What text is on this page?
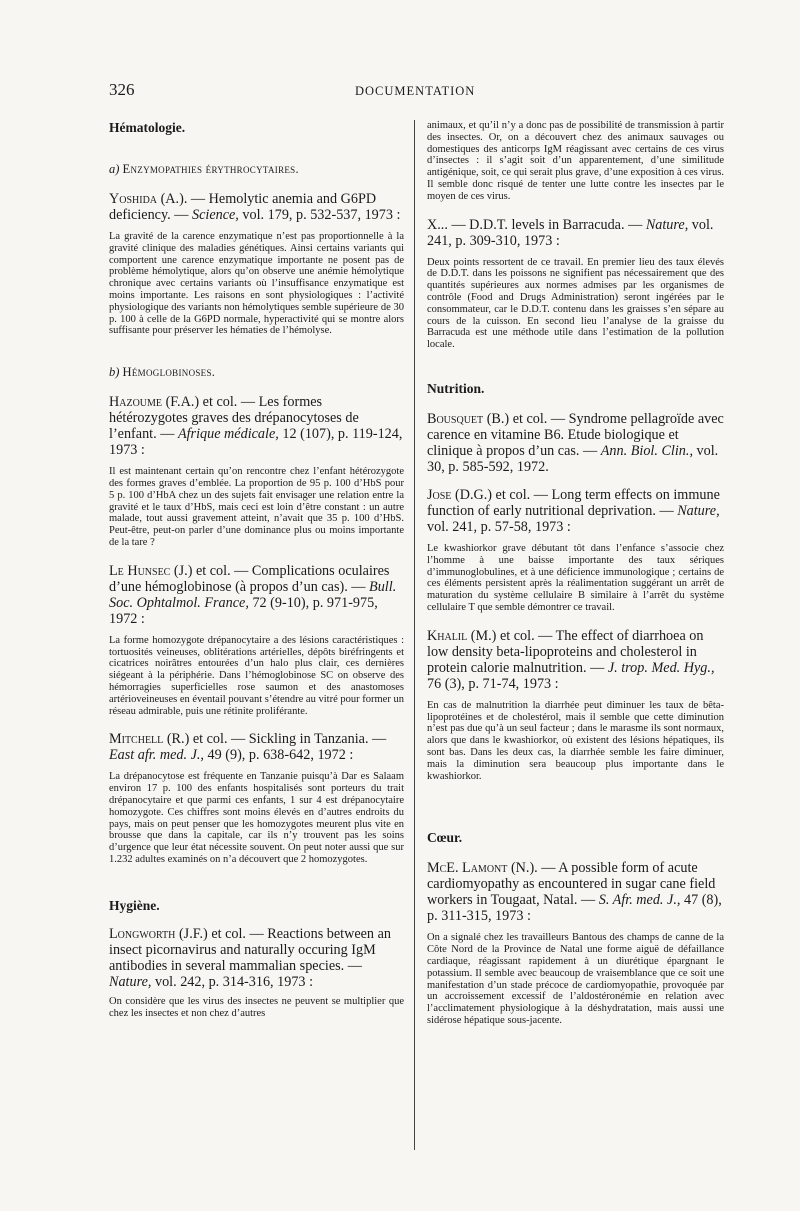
326	DOCUMENTATION

Hématologie.

a) Enzymopathies érythrocytaires.

Yoshida (A.). — Hemolytic anemia and G6PD deficiency. — Science, vol. 179, p. 532-537, 1973 :

La gravité de la carence enzymatique n’est pas proportionnelle à la gravité clinique des maladies génétiques. Ainsi certains variants qui comportent une carence enzymatique importante ne posent pas de problème hémolytique, alors qu’on observe une anémie hémolytique chronique avec certains variants où l’insuffisance enzymatique est moins importante. Les raisons en sont physiologiques : l’activité physiologique des variants non hémolytiques semble supérieure de 30 p. 100 à celle de la G6PD normale, hyperactivité qui se montre alors suffisante pour préserver les hématies de l’hémolyse.

b) Hémoglobinoses.

Hazoume (F.A.) et col. — Les formes hétérozygotes graves des drépanocytoses de l’enfant. — Afrique médicale, 12 (107), p. 119-124, 1973 :

Il est maintenant certain qu’on rencontre chez l’enfant hétérozygote des formes graves d’emblée. La proportion de 95 p. 100 d’HbS pour 5 p. 100 d’HbA chez un des sujets fait envisager une relation entre la gravité et le taux d’HbS, mais ceci est loin d’être constant : un autre malade, tout aussi gravement atteint, n’avait que 35 p. 100 d’HbS. Peut-être, peut-on parler d’une dominance plus ou moins importante de la tare ?

Le Hunsec (J.) et col. — Complications oculaires d’une hémoglobinose (à propos d’un cas). — Bull. Soc. Ophtalmol. France, 72 (9-10), p. 971-975, 1972 :

La forme homozygote drépanocytaire a des lésions caractéristiques : tortuosités veineuses, oblitérations artérielles, dépôts biréfringents et cicatrices noirâtres entourées d’un halo plus clair, ces dernières siégeant à la périphérie. Dans l’hémoglobinose SC on observe des hémorragies superficielles rose saumon et des anastomoses artérioveineuses en éventail pouvant s’étendre au vitré pour former un réseau admirable, puis une rétinite proliférante.

Mitchell (R.) et col. — Sickling in Tanzania. — East afr. med. J., 49 (9), p. 638-642, 1972 :

La drépanocytose est fréquente en Tanzanie puisqu’à Dar es Salaam environ 17 p. 100 des enfants hospitalisés sont porteurs du trait drépanocytaire et que parmi ces enfants, 1 sur 4 est drépanocytaire homozygote. Ces chiffres sont moins élevés en d’autres endroits du pays, mais on peut penser que les homozygotes meurent plus vite en brousse que dans la capitale, car ils n’y trouvent pas les soins d’urgence que leur état nécessite souvent. On peut noter aussi que sur 1.232 adultes examinés on n’a découvert que 2 homozygotes.

Hygiène.

Longworth (J.F.) et col. — Reactions between an insect picornavirus and naturally occuring IgM antibodies in several mammalian species. — Nature, vol. 242, p. 314-316, 1973 :

On considère que les virus des insectes ne peuvent se multiplier que chez les insectes et non chez d’autres

animaux, et qu’il n’y a donc pas de possibilité de transmission à partir des insectes. Or, on a découvert chez des animaux sauvages ou domestiques des anticorps IgM réagissant avec certains de ces virus d’insectes : il s’agit soit d’un apparentement, d’une similitude antigénique, soit, ce qui serait plus grave, d’une exposition à ces virus. Il semble donc risqué de tenter une lutte contre les insectes par le moyen de ces virus.

X... — D.D.T. levels in Barracuda. — Nature, vol. 241, p. 309-310, 1973 :

Deux points ressortent de ce travail. En premier lieu des taux élevés de D.D.T. dans les poissons ne signifient pas nécessairement que des quantités supérieures aux normes admises par les organismes de contrôle (Food and Drugs Administration) seront ingérées par le consommateur, car le D.D.T. contenu dans les graisses s’en sépare au cours de la cuisson. En second lieu l’analyse de la graisse du Barracuda est une méthode utile dans l’estimation de la pollution locale.

Nutrition.

Bousquet (B.) et col. — Syndrome pellagroïde avec carence en vitamine B6. Etude biologique et clinique à propos d’un cas. — Ann. Biol. Clin., vol. 30, p. 585-592, 1972.

Jose (D.G.) et col. — Long term effects on immune function of early nutritional deprivation. — Nature, vol. 241, p. 57-58, 1973 :

Le kwashiorkor grave débutant tôt dans l’enfance s’associe chez l’homme à une baisse importante des taux sériques d’immunoglobulines, et à une déficience immunologique ; certains de ces éléments persistent après la réalimentation suggérant un arrêt de maturation du système cellulaire B similaire à l’arrêt du système cellulaire T que semble démontrer ce travail.

Khalil (M.) et col. — The effect of diarrhoea on low density beta-lipoproteins and cholesterol in protein calorie malnutrition. — J. trop. Med. Hyg., 76 (3), p. 71-74, 1973 :

En cas de malnutrition la diarrhée peut diminuer les taux de bêta-lipoprotéines et de cholestérol, mais il semble que cette diminution n’est pas due qu’à un seul facteur ; dans le marasme ils sont normaux, alors que dans le kwashiorkor, où existent des lésions hépatiques, ils sont bas. Dans les deux cas, la diarrhée semble les faire diminuer, mais la diminution sera beaucoup plus importante dans le kwashiorkor.

Cœur.

McE. Lamont (N.). — A possible form of acute cardiomyopathy as encountered in sugar cane field workers in Tougaat, Natal. — S. Afr. med. J., 47 (8), p. 311-315, 1973 :

On a signalé chez les travailleurs Bantous des champs de canne de la Côte Nord de la Province de Natal une forme aiguë de défaillance cardiaque, réagissant rapidement à un diurétique épargnant le potassium. Il semble avec beaucoup de vraisemblance que ce soit une manifestation d’un stade précoce de cardiomyopathie, provoquée par un accroissement excessif de l’aldostéronémie en relation avec l’acclimatement physiologique à la déshydratation, mais aussi une sidérose hépatique sous-jacente.
